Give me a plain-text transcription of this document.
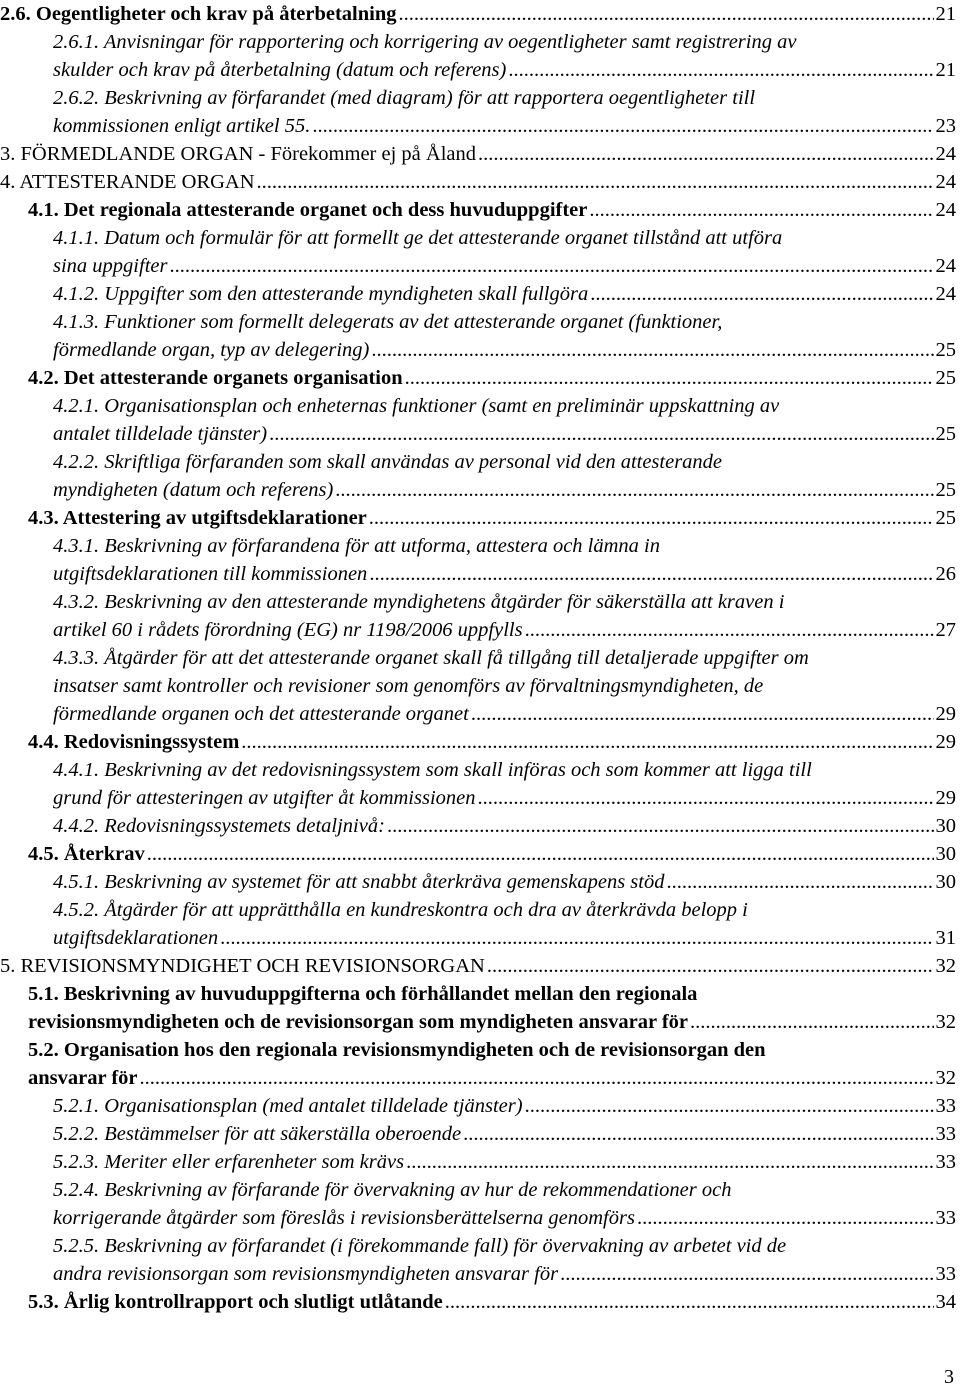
2.6. Oegentligheter och krav på återbetalning .....	21
2.6.1. Anvisningar för rapportering och korrigering av oegentligheter samt registrering av
skulder och krav på återbetalning (datum och referens) .....	21
2.6.2. Beskrivning av förfarandet (med diagram) för att rapportera oegentligheter till
kommissionen enligt artikel 55. .....	23
3. FÖRMEDLANDE ORGAN - Förekommer ej på Åland .....	24
4. ATTESTERANDE ORGAN .....	24
4.1. Det regionala attesterande organet och dess huvuduppgifter .....	24
4.1.1. Datum och formulär för att formellt ge det attesterande organet tillstånd att utföra
sina uppgifter .....	24
4.1.2. Uppgifter som den attesterande myndigheten skall fullgöra .....	24
4.1.3. Funktioner som formellt delegerats av det attesterande organet (funktioner,
förmedlande organ, typ av delegering) .....	25
4.2. Det attesterande organets organisation .....	25
4.2.1. Organisationsplan och enheternas funktioner (samt en preliminär uppskattning av
antalet tilldelade tjänster) .....	25
4.2.2. Skriftliga förfaranden som skall användas av personal vid den attesterande
myndigheten (datum och referens) .....	25
4.3. Attestering av utgiftsdeklarationer .....	25
4.3.1. Beskrivning av förfarandena för att utforma, attestera och lämna in
utgiftsdeklarationen till kommissionen .....	26
4.3.2. Beskrivning av den attesterande myndighetens åtgärder för säkerställa att kraven i
artikel 60 i rådets förordning (EG) nr 1198/2006 uppfylls .....	27
4.3.3. Åtgärder för att det attesterande organet skall få tillgång till detaljerade uppgifter om
insatser samt kontroller och revisioner som genomförs av förvaltningsmyndigheten, de
förmedlande organen och det attesterande organet .....	29
4.4. Redovisningssystem .....	29
4.4.1. Beskrivning av det redovisningssystem som skall införas och som kommer att ligga till
grund för attesteringen av utgifter åt kommissionen .....	29
4.4.2. Redovisningssystemets detaljnivå: .....	30
4.5. Återkrav .....	30
4.5.1. Beskrivning av systemet för att snabbt återkräva gemenskapens stöd .....	30
4.5.2. Åtgärder för att upprätthålla en kundreskontra och dra av återkrävda belopp i
utgiftsdeklarationen .....	31
5. REVISIONSMYNDIGHET OCH REVISIONSORGAN .....	32
5.1. Beskrivning av huvuduppgifterna och förhållandet mellan den regionala
revisionsmyndigheten och de revisionsorgan som myndigheten ansvarar för .....	32
5.2. Organisation hos den regionala revisionsmyndigheten och de revisionsorgan den
ansvarar för .....	32
5.2.1. Organisationsplan (med antalet tilldelade tjänster) .....	33
5.2.2. Bestämmelser för att säkerställa oberoende .....	33
5.2.3. Meriter eller erfarenheter som krävs .....	33
5.2.4. Beskrivning av förfarande för övervakning av hur de rekommendationer och
korrigerande åtgärder som föreslås i revisionsberättelserna genomförs .....	33
5.2.5. Beskrivning av förfarandet (i förekommande fall) för övervakning av arbetet vid de
andra revisionsorgan som revisionsmyndigheten ansvarar för .....	33
5.3. Årlig kontrollrapport och slutligt utlåtande .....	34
3
